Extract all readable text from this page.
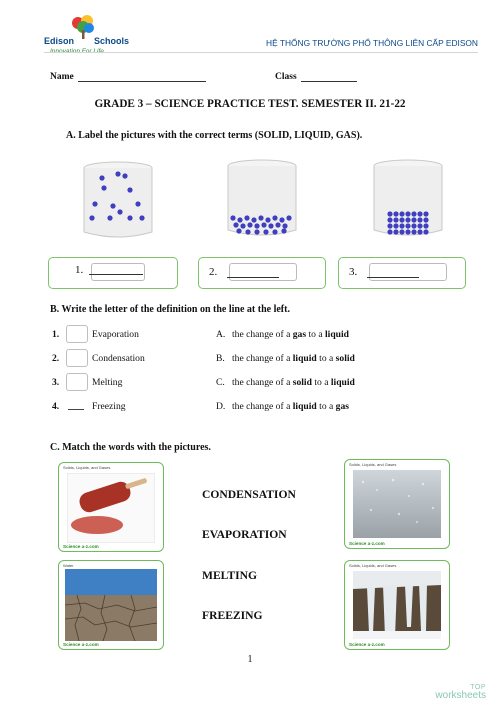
Edison Schools	HỆ THỐNG TRƯỜNG PHỔ THÔNG LIÊN CẤP EDISON
Name	Class
GRADE 3 – SCIENCE PRACTICE TEST. SEMESTER II. 21-22
A. Label the pictures with the correct terms (SOLID, LIQUID, GAS).
1.	2.	3.
B. Write the letter of the definition on the line at the left.
1.	Evaporation	A. the change of a gas to a liquid
2.	Condensation	B. the change of a liquid to a solid
3.	Melting	C. the change of a solid to a liquid
4.	Freezing	D. the change of a liquid to a gas
C. Match the words with the pictures.
Solids, Liquids, and Gases
Science a-z.com
Solids, Liquids, and Gases
Science a-z.com
Water
Science a-z.com
Solids, Liquids, and Gases
Science a-z.com
CONDENSATION
EVAPORATION
MELTING
FREEZING
1
TOP
worksheets
